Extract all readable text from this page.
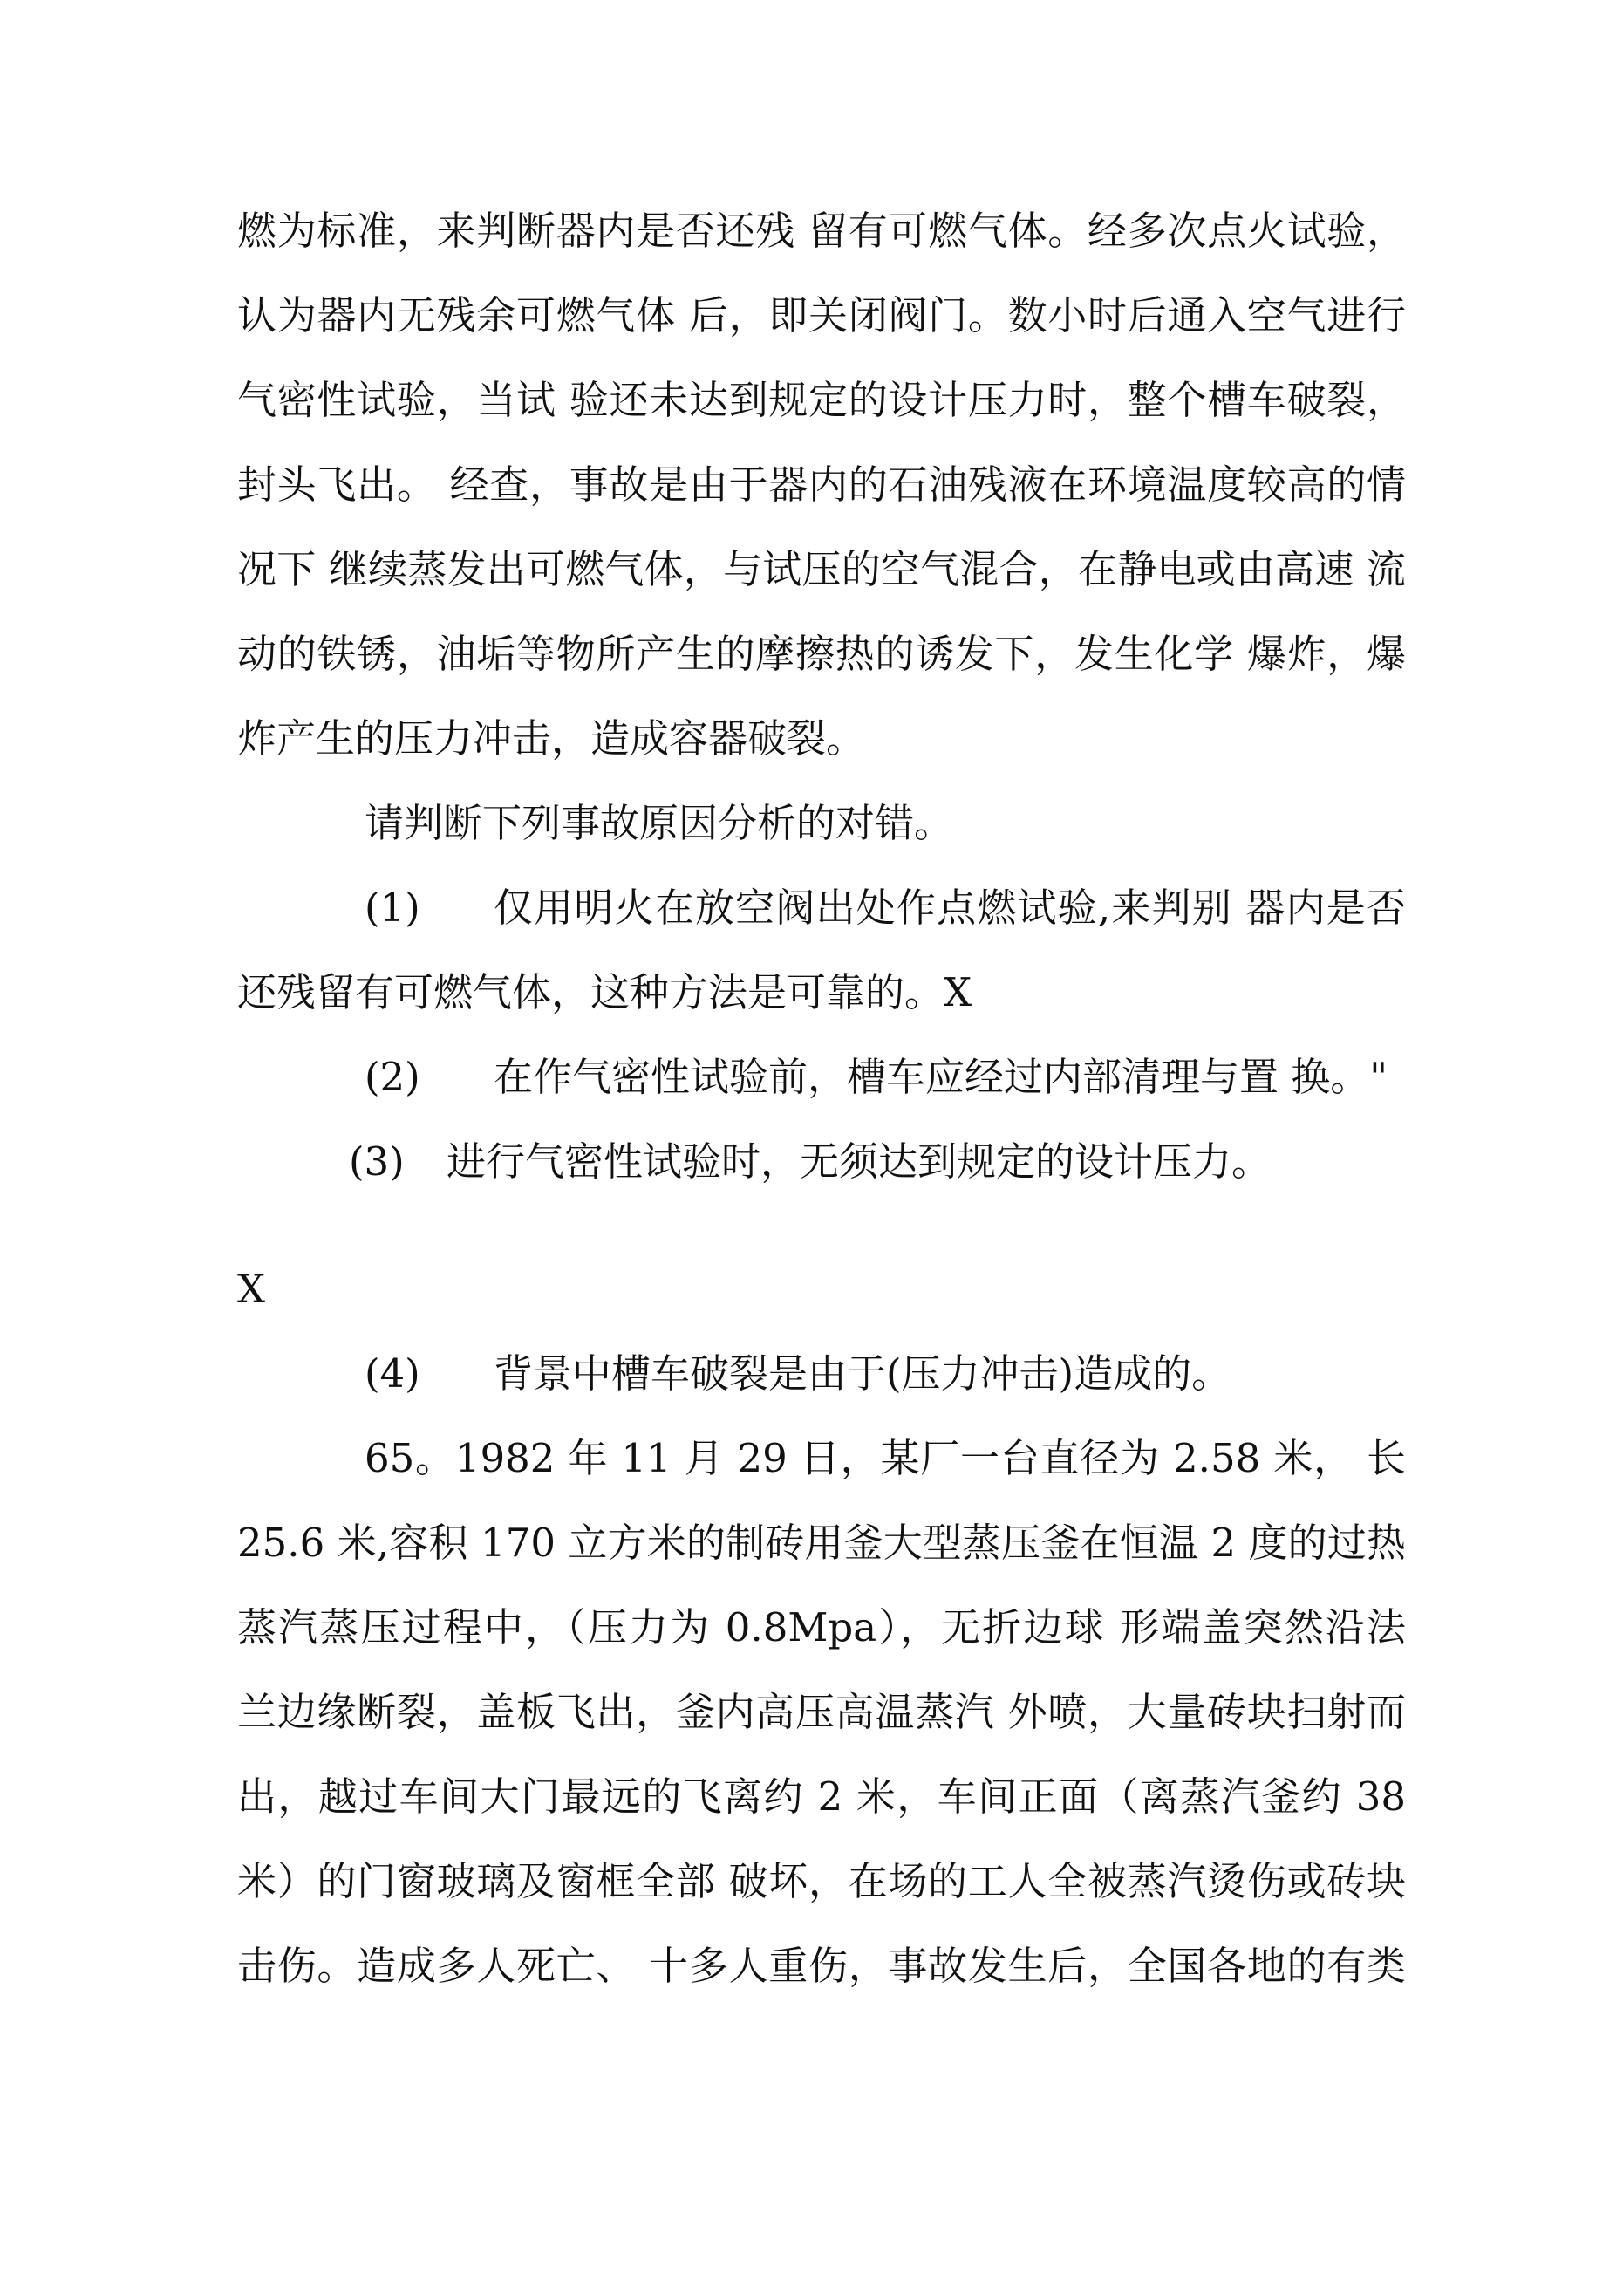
燃为标准，来判断器内是否还残 留有可燃气体。经多次点火试验，

认为器内无残余可燃气体 后，即关闭阀门。数小时后通入空气进行

气密性试验，当试 验还未达到规定的设计压力时，整个槽车破裂，

封头飞出。 经查，事故是由于器内的石油残液在环境温度较高的情

况下 继续蒸发出可燃气体，与试压的空气混合，在静电或由高速 流

动的铁锈，油垢等物所产生的摩擦热的诱发下，发生化学 爆炸，爆

炸产生的压力冲击，造成容器破裂。

请判断下列事故原因分析的对错。

(1) 仅用明火在放空阀出处作点燃试验,来判别 器内是否

还残留有可燃气体，这种方法是可靠的。X

(2) 在作气密性试验前，槽车应经过内部清理与置 换。"

(3) 进行气密性试验时，无须达到规定的设计压力。

X

(4) 背景中槽车破裂是由于(压力冲击)造成的。

65。1982 年 11 月 29 日，某厂一台直径为 2.58 米， 长

25.6 米,容积 170 立方米的制砖用釜大型蒸压釜在恒温 2 度的过热

蒸汽蒸压过程中，（压力为 0.8Mpa），无折边球 形端盖突然沿法

兰边缘断裂，盖板飞出，釜内高压高温蒸汽 外喷，大量砖块扫射而

出，越过车间大门最远的飞离约 2 米，车间正面（离蒸汽釜约 38

米）的门窗玻璃及窗框全部 破坏，在场的工人全被蒸汽烫伤或砖块

击伤。造成多人死亡、 十多人重伤，事故发生后，全国各地的有类
